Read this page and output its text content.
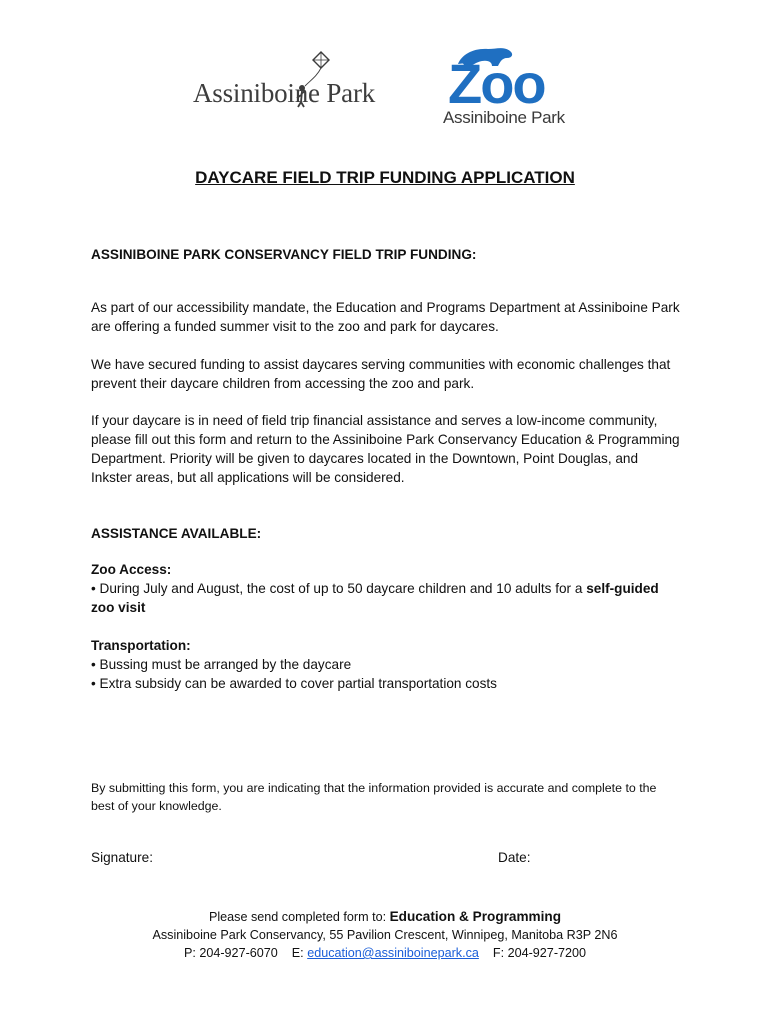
Assiniboine Park Zoo
Assiniboine Park
DAYCARE FIELD TRIP FUNDING APPLICATION
ASSINIBOINE PARK CONSERVANCY FIELD TRIP FUNDING:
As part of our accessibility mandate, the Education and Programs Department at Assiniboine Park are offering a funded summer visit to the zoo and park for daycares.
We have secured funding to assist daycares serving communities with economic challenges that prevent their daycare children from accessing the zoo and park.
If your daycare is in need of field trip financial assistance and serves a low-income community, please fill out this form and return to the Assiniboine Park Conservancy Education & Programming Department. Priority will be given to daycares located in the Downtown, Point Douglas, and Inkster areas, but all applications will be considered.
ASSISTANCE AVAILABLE:
Zoo Access:
• During July and August, the cost of up to 50 daycare children and 10 adults for a self-guided zoo visit
Transportation:
• Bussing must be arranged by the daycare
• Extra subsidy can be awarded to cover partial transportation costs
By submitting this form, you are indicating that the information provided is accurate and complete to the best of your knowledge.
Signature:	Date:
Please send completed form to: Education & Programming
Assiniboine Park Conservancy, 55 Pavilion Crescent, Winnipeg, Manitoba R3P 2N6
P: 204-927-6070 E: education@assiniboinepark.ca F: 204-927-7200
